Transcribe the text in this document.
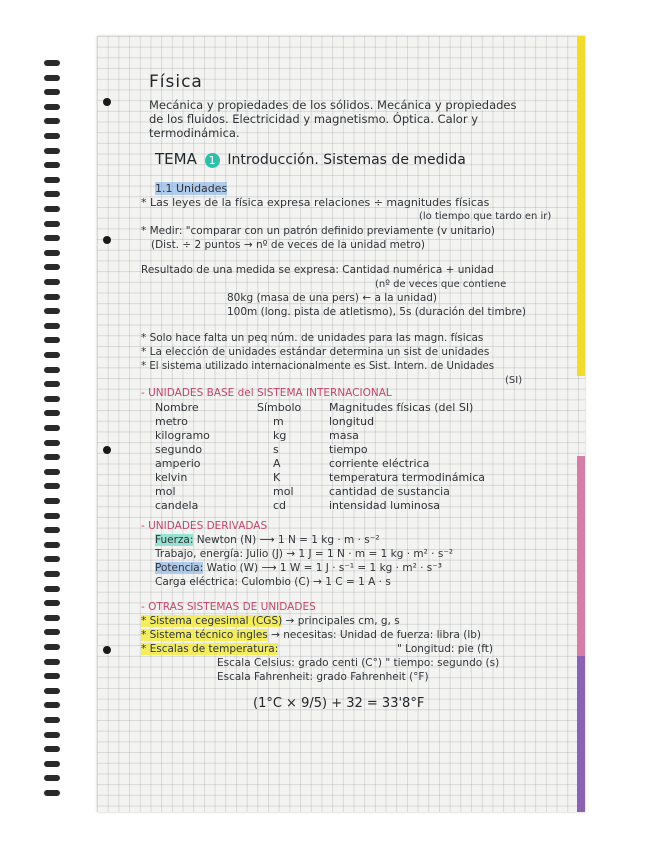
Física
Mecánica y propiedades de los sólidos. Mecánica y propiedades
de los fluidos. Electricidad y magnetismo. Óptica. Calor y
termodinámica.
TEMA 1 Introducción. Sistemas de medida
1.1 Unidades
* Las leyes de la física expresa relaciones ÷ magnitudes físicas
(lo tiempo que tardo en ir)
* Medir: "comparar con un patrón definido previamente (v unitario)
(Dist. ÷ 2 puntos → nº de veces de la unidad metro)
Resultado de una medida se expresa: Cantidad numérica + unidad
(nº de veces que contiene
80kg (masa de una pers) ← a la unidad)
100m (long. pista de atletismo), 5s (duración del timbre)
* Solo hace falta un peq núm. de unidades para las magn. físicas
* La elección de unidades estándar determina un sist de unidades
* El sistema utilizado internacionalmente es Sist. Intern. de Unidades
(SI)
- UNIDADES BASE del SISTEMA INTERNACIONAL
Nombre
metro
kilogramo
segundo
amperio
kelvin
mol
candela
Símbolo
m
kg
s
A
K
mol
cd
Magnitudes físicas (del SI)
longitud
masa
tiempo
corriente eléctrica
temperatura termodinámica
cantidad de sustancia
intensidad luminosa
- UNIDADES DERIVADAS
Fuerza: Newton (N) ⟶ 1 N = 1 kg · m · s⁻²
Trabajo, energía: Julio (J) → 1 J = 1 N · m = 1 kg · m² · s⁻²
Potencia: Watio (W) ⟶ 1 W = 1 J · s⁻¹ = 1 kg · m² · s⁻³
Carga eléctrica: Culombio (C) → 1 C = 1 A · s
- OTRAS SISTEMAS DE UNIDADES
* Sistema cegesimal (CGS) → principales cm, g, s
* Sistema técnico ingles → necesitas: Unidad de fuerza: libra (lb)
* Escalas de temperatura:	" Longitud: pie (ft)
Escala Celsius: grado centi (C°) " tiempo: segundo (s)
Escala Fahrenheit: grado Fahrenheit (°F)
(1°C × 9/5) + 32 = 33'8°F
